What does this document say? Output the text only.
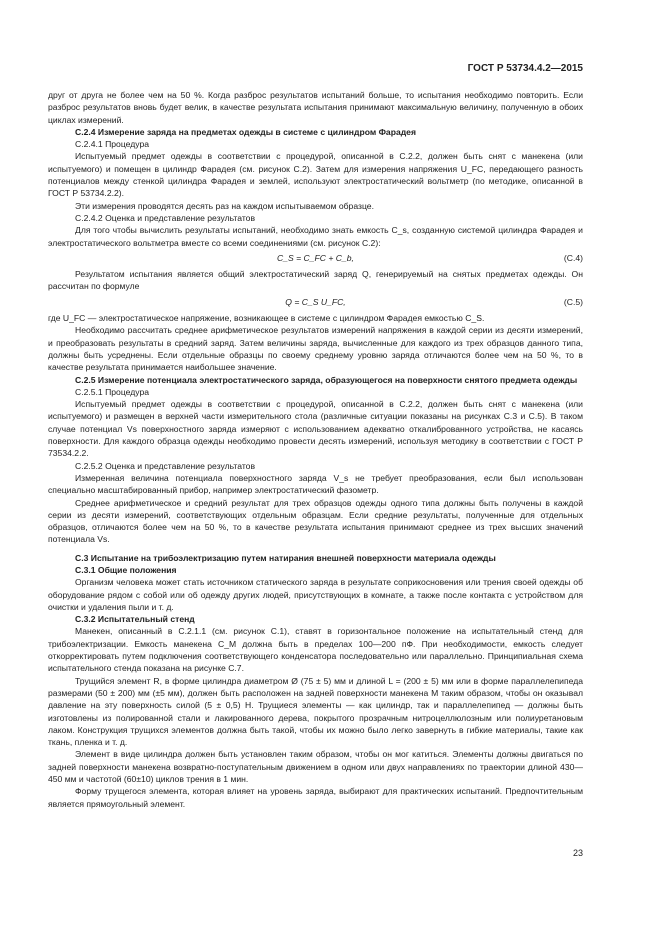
ГОСТ Р 53734.4.2—2015

друг от друга не более чем на 50 %. Когда разброс результатов испытаний больше, то испытания необходимо повторить. Если разброс результатов вновь будет велик, в качестве результата испытания принимают максимальную величину, полученную в обоих циклах измерений.

C.2.4 Измерение заряда на предметах одежды в системе с цилиндром Фарадея

C.2.4.1 Процедура

Испытуемый предмет одежды в соответствии с процедурой, описанной в C.2.2, должен быть снят с манекена (или испытуемого) и помещен в цилиндр Фарадея (см. рисунок C.2). Затем для измерения напряжения U_FC, передающего разность потенциалов между стенкой цилиндра Фарадея и землей, используют электростатический вольтметр (по методике, описанной в ГОСТ Р 53734.2.2).

Эти измерения проводятся десять раз на каждом испытываемом образце.

C.2.4.2 Оценка и представление результатов

Для того чтобы вычислить результаты испытаний, необходимо знать емкость C_s, созданную системой цилиндра Фарадея и электростатического вольтметра вместе со всеми соединениями (см. рисунок C.2):

C_S = C_FC + C_b,	(C.4)

Результатом испытания является общий электростатический заряд Q, генерируемый на снятых предметах одежды. Он рассчитан по формуле

Q = C_S U_FC,	(C.5)

где U_FC — электростатическое напряжение, возникающее в системе с цилиндром Фарадея емкостью C_S.

Необходимо рассчитать среднее арифметическое результатов измерений напряжения в каждой серии из десяти измерений, и преобразовать результаты в средний заряд. Затем величины заряда, вычисленные для каждого из трех образцов данного типа, должны быть усреднены. Если отдельные образцы по своему среднему уровню заряда отличаются более чем на 50 %, то в качестве результата принимается наибольшее значение.

C.2.5 Измерение потенциала электростатического заряда, образующегося на поверхности снятого предмета одежды

C.2.5.1 Процедура

Испытуемый предмет одежды в соответствии с процедурой, описанной в C.2.2, должен быть снят с манекена (или испытуемого) и размещен в верхней части измерительного стола (различные ситуации показаны на рисунках C.3 и C.5). В таком случае потенциал Vs поверхностного заряда измеряют с использованием адекватно откалиброванного устройства, не касаясь поверхности. Для каждого образца одежды необходимо провести десять измерений, используя методику в соответствии с ГОСТ Р 73534.2.2.

C.2.5.2 Оценка и представление результатов

Измеренная величина потенциала поверхностного заряда V_s не требует преобразования, если был использован специально масштабированный прибор, например электростатический фазометр.

Среднее арифметическое и средний результат для трех образцов одежды одного типа должны быть получены в каждой серии из десяти измерений, соответствующих отдельным образцам. Если средние результаты, полученные для отдельных образцов, отличаются более чем на 50 %, то в качестве результата испытания принимают среднее из трех высших значений потенциала Vs.

C.3 Испытание на трибоэлектризацию путем натирания внешней поверхности материала одежды

C.3.1 Общие положения

Организм человека может стать источником статического заряда в результате соприкосновения или трения своей одежды об оборудование рядом с собой или об одежду других людей, присутствующих в комнате, а также после контакта с устройством для очистки и удаления пыли и т. д.

C.3.2 Испытательный стенд

Манекен, описанный в C.2.1.1 (см. рисунок C.1), ставят в горизонтальное положение на испытательный стенд для трибоэлектризации. Емкость манекена C_M должна быть в пределах 100—200 пФ. При необходимости, емкость следует откорректировать путем подключения соответствующего конденсатора последовательно или параллельно. Принципиальная схема испытательного стенда показана на рисунке C.7.

Трущийся элемент R, в форме цилиндра диаметром Ø (75 ± 5) мм и длиной L = (200 ± 5) мм или в форме параллелепипеда размерами (50 ± 200) мм (±5 мм), должен быть расположен на задней поверхности манекена M таким образом, чтобы он оказывал давление на эту поверхность силой (5 ± 0,5) Н. Трущиеся элементы — как цилиндр, так и параллелепипед — должны быть изготовлены из полированной стали и лакированного дерева, покрытого прозрачным нитроцеллюлозным или полиуретановым лаком. Конструкция трущихся элементов должна быть такой, чтобы их можно было легко завернуть в гибкие материалы, такие как ткань, пленка и т. д.

Элемент в виде цилиндра должен быть установлен таким образом, чтобы он мог катиться. Элементы должны двигаться по задней поверхности манекена возвратно-поступательным движением в одном или двух направлениях по траектории длиной 430—450 мм и частотой (60±10) циклов трения в 1 мин.

Форму трущегося элемента, которая влияет на уровень заряда, выбирают для практических испытаний. Предпочтительным является прямоугольный элемент.

23
